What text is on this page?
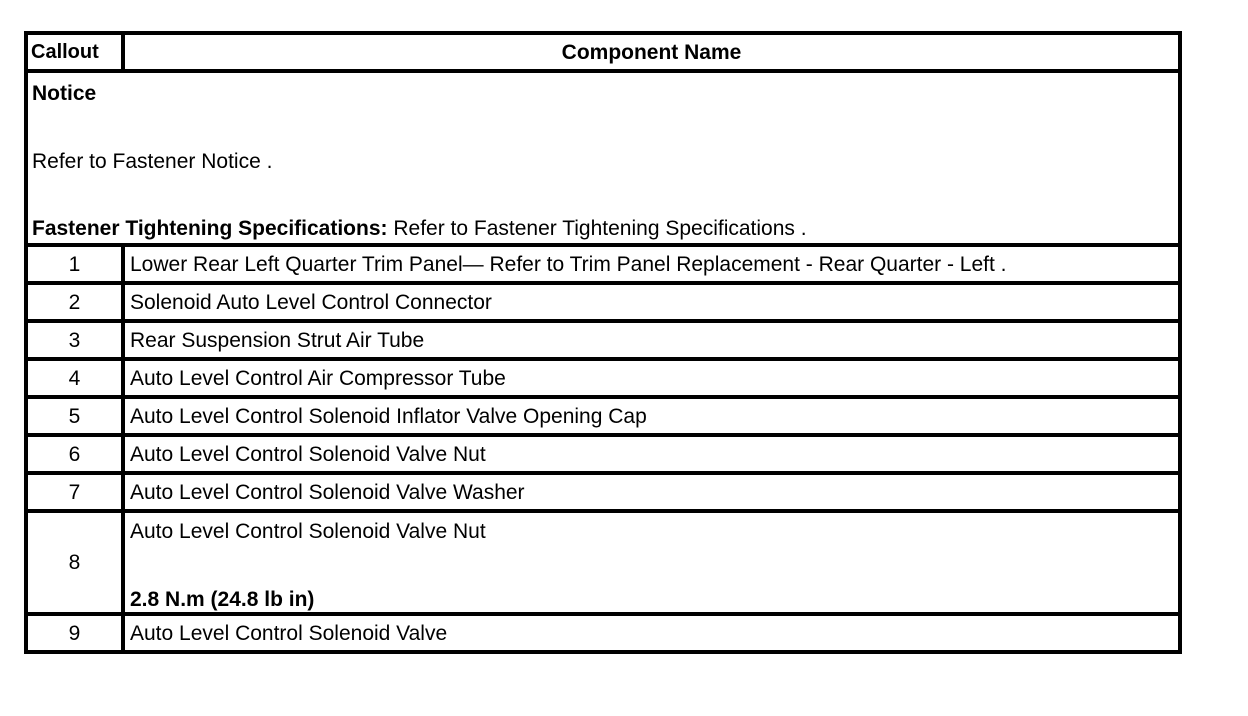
Callout	Component Name

Notice
Refer to Fastener Notice .
Fastener Tightening Specifications: Refer to Fastener Tightening Specifications .	

1	Lower Rear Left Quarter Trim Panel— Refer to Trim Panel Replacement - Rear Quarter - Left .
2	Solenoid Auto Level Control Connector
3	Rear Suspension Strut Air Tube
4	Auto Level Control Air Compressor Tube
5	Auto Level Control Solenoid Inflator Valve Opening Cap
6	Auto Level Control Solenoid Valve Nut
7	Auto Level Control Solenoid Valve Washer
8	Auto Level Control Solenoid Valve Nut
2.8 N.m (24.8 lb in)

9	Auto Level Control Solenoid Valve
